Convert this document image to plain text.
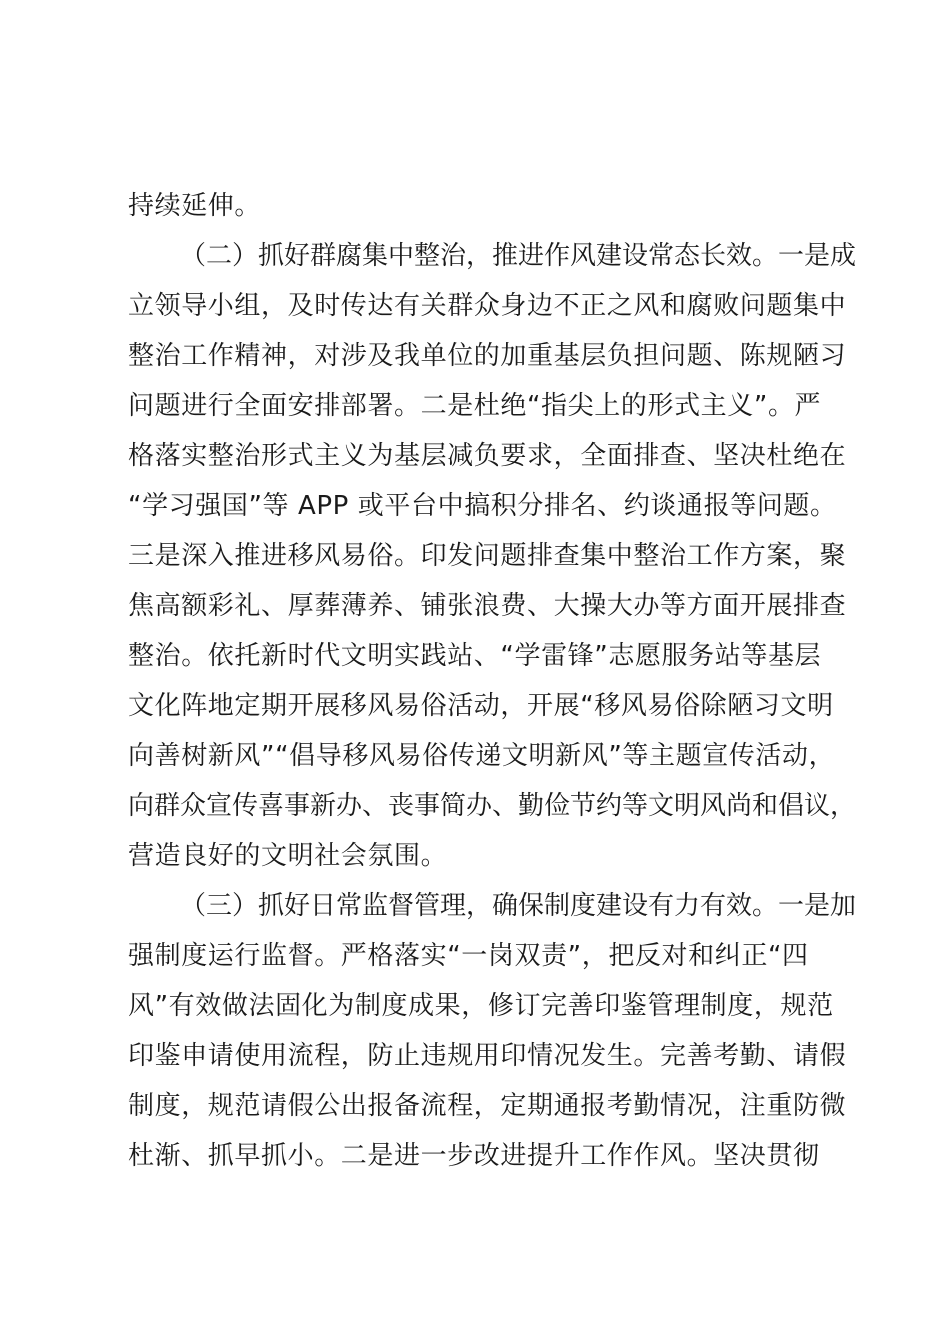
持续延伸。
（二）抓好群腐集中整治，推进作风建设常态长效。一是成
立领导小组，及时传达有关群众身边不正之风和腐败问题集中
整治工作精神，对涉及我单位的加重基层负担问题、陈规陋习
问题进行全面安排部署。二是杜绝“指尖上的形式主义”。严
格落实整治形式主义为基层减负要求，全面排查、坚决杜绝在
“学习强国”等 APP 或平台中搞积分排名、约谈通报等问题。
三是深入推进移风易俗。印发问题排查集中整治工作方案，聚
焦高额彩礼、厚葬薄养、铺张浪费、大操大办等方面开展排查
整治。依托新时代文明实践站、“学雷锋”志愿服务站等基层
文化阵地定期开展移风易俗活动，开展“移风易俗除陋习文明
向善树新风”“倡导移风易俗传递文明新风”等主题宣传活动，
向群众宣传喜事新办、丧事简办、勤俭节约等文明风尚和倡议，
营造良好的文明社会氛围。
（三）抓好日常监督管理，确保制度建设有力有效。一是加
强制度运行监督。严格落实“一岗双责”，把反对和纠正“四
风”有效做法固化为制度成果，修订完善印鉴管理制度，规范
印鉴申请使用流程，防止违规用印情况发生。完善考勤、请假
制度，规范请假公出报备流程，定期通报考勤情况，注重防微
杜渐、抓早抓小。二是进一步改进提升工作作风。坚决贯彻
